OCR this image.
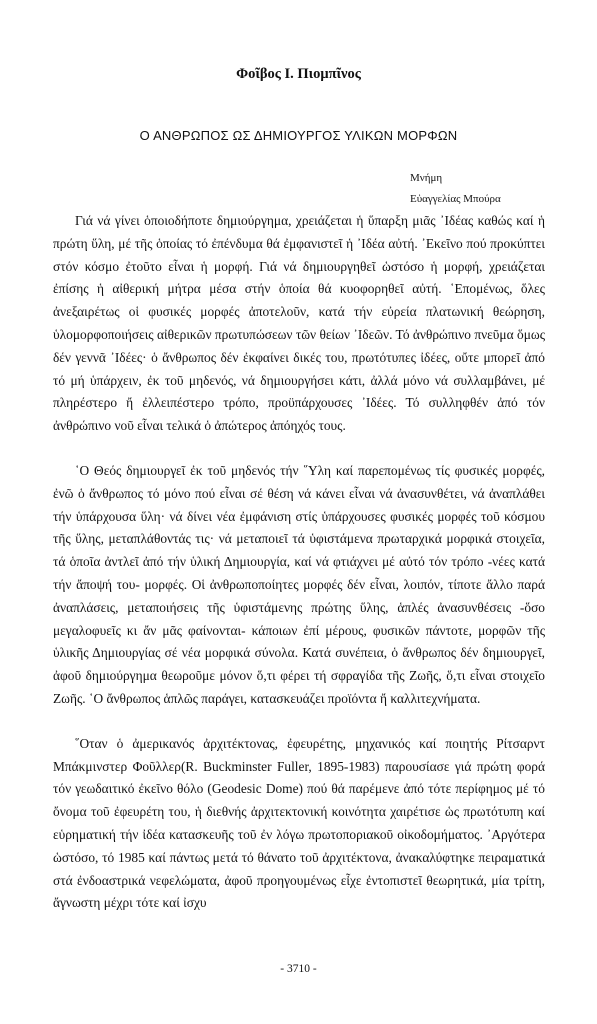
Φοῖβος Ι. Πιομπῖνος
Ο ΑΝΘΡΩΠΟΣ ΩΣ ΔΗΜΙΟΥΡΓΟΣ ΥΛΙΚΩΝ ΜΟΡΦΩΝ
Μνήμη
Εὐαγγελίας Μπούρα

Γιά νά γίνει ὁποιοδήποτε δημιούργημα, χρειάζεται ἡ ὕπαρξη μιᾶς ᾿Ιδέας καθώς καί ἡ πρώτη ὕλη, μέ τῆς ὁποίας τό ἐπένδυμα θά ἐμφανιστεῖ ἡ ᾿Ιδέα αὐτή. ᾿Εκεῖνο πού προκύπτει στόν κόσμο ἐτοῦτο εἶναι ἡ μορφή. Γιά νά δημιουργηθεῖ ὡστόσο ἡ μορφή, χρειάζεται ἐπίσης ἡ αἰθερική μήτρα μέσα στήν ὁποία θά κυοφορηθεῖ αὐτή. ῾Επομένως, ὅλες ἀνεξαιρέτως οἱ φυσικές μορφές ἀποτελοῦν, κατά τήν εὐρεία πλατωνική θεώρηση, ὑλομορφοποιήσεις αἰθερικῶν πρωτυπώσεων τῶν θείων ᾿Ιδεῶν. Τό ἀνθρώπινο πνεῦμα ὅμως δέν γεννᾶ ᾿Ιδέες· ὁ ἄνθρωπος δέν ἐκφαίνει δικές του, πρωτότυπες ἰδέες, οὔτε μπορεῖ ἀπό τό μή ὑπάρχειν, ἐκ τοῦ μηδενός, νά δημιουργήσει κάτι, ἀλλά μόνο νά συλλαμβάνει, μέ πληρέστερο ἤ ἐλλειπέστερο τρόπο, προϋπάρχουσες ᾿Ιδέες. Τό συλληφθέν ἀπό τόν ἀνθρώπινο νοῦ εἶναι τελικά ὁ ἀπώτερος ἀπόηχός τους.

῾Ο Θεός δημιουργεῖ ἐκ τοῦ μηδενός τήν ῞Υλη καί παρεπομένως τίς φυσικές μορφές, ἐνῶ ὁ ἄνθρωπος τό μόνο πού εἶναι σέ θέση νά κάνει εἶναι νά ἀνασυνθέτει, νά ἀναπλάθει τήν ὑπάρχουσα ὕλη· νά δίνει νέα ἐμφάνιση στίς ὑπάρχουσες φυσικές μορφές τοῦ κόσμου τῆς ὕλης, μεταπλάθοντάς τις· νά μεταποιεῖ τά ὑφιστάμενα πρωταρχικά μορφικά στοιχεῖα, τά ὁποῖα ἀντλεῖ ἀπό τήν ὑλική Δημιουργία, καί νά φτιάχνει μέ αὐτό τόν τρόπο -νέες κατά τήν ἄποψή του- μορφές. Οἱ ἀνθρωποποίητες μορφές δέν εἶναι, λοιπόν, τίποτε ἄλλο παρά ἀναπλάσεις, μεταποιήσεις τῆς ὑφιστάμενης πρώτης ὕλης, ἁπλές ἀνασυνθέσεις -ὅσο μεγαλοφυεῖς κι ἄν μᾶς φαίνονται- κάποιων ἐπί μέρους, φυσικῶν πάντοτε, μορφῶν τῆς ὑλικῆς Δημιουργίας σέ νέα μορφικά σύνολα. Κατά συνέπεια, ὁ ἄνθρωπος δέν δημιουργεῖ, ἀφοῦ δημιούργημα θεωροῦμε μόνον ὅ,τι φέρει τή σφραγίδα τῆς Ζωῆς, ὅ,τι εἶναι στοιχεῖο Ζωῆς. ῾Ο ἄνθρωπος ἁπλῶς παράγει, κατασκευάζει προϊόντα ἤ καλλιτεχνήματα.

῞Οταν ὁ ἀμερικανός ἀρχιτέκτονας, ἐφευρέτης, μηχανικός καί ποιητής Ρίτσαρντ Μπάκμινστερ Φοῦλλερ(R. Buckminster Fuller, 1895-1983) παρουσίασε γιά πρώτη φορά τόν γεωδαιτικό ἐκεῖνο θόλο (Geodesic Dome) πού θά παρέμενε ἀπό τότε περίφημος μέ τό ὄνομα τοῦ ἐφευρέτη του, ἡ διεθνής ἀρχιτεκτονική κοινότητα χαιρέτισε ὡς πρωτότυπη καί εὑρηματική τήν ἰδέα κατασκευῆς τοῦ ἐν λόγω πρωτοποριακοῦ οἰκοδομήματος. ᾿Αργότερα ὡστόσο, τό 1985 καί πάντως μετά τό θάνατο τοῦ ἀρχιτέκτονα, ἀνακαλύφτηκε πειραματικά στά ἐνδοαστρικά νεφελώματα, ἀφοῦ προηγουμένως εἶχε ἐντοπιστεῖ θεωρητικά, μία τρίτη, ἄγνωστη μέχρι τότε καί ἰσχυ

- 3710 -
